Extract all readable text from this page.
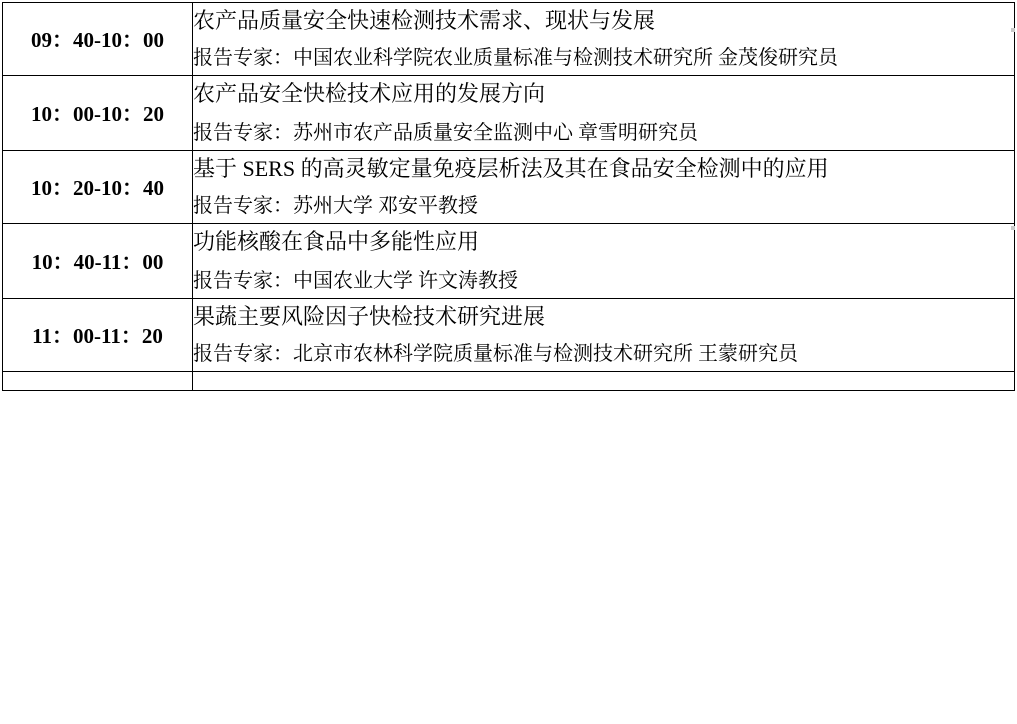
09：40-10：00	农产品质量安全快速检测技术需求、现状与发展
报告专家：中国农业科学院农业质量标准与检测技术研究所 金茂俊研究员

10：00-10：20	农产品安全快检技术应用的发展方向
报告专家：苏州市农产品质量安全监测中心 章雪明研究员

10：20-10：40	基于 SERS 的高灵敏定量免疫层析法及其在食品安全检测中的应用
报告专家：苏州大学 邓安平教授

10：40-11：00	功能核酸在食品中多能性应用
报告专家：中国农业大学 许文涛教授

11：00-11：20	果蔬主要风险因子快检技术研究进展
报告专家：北京市农林科学院质量标准与检测技术研究所 王蒙研究员
